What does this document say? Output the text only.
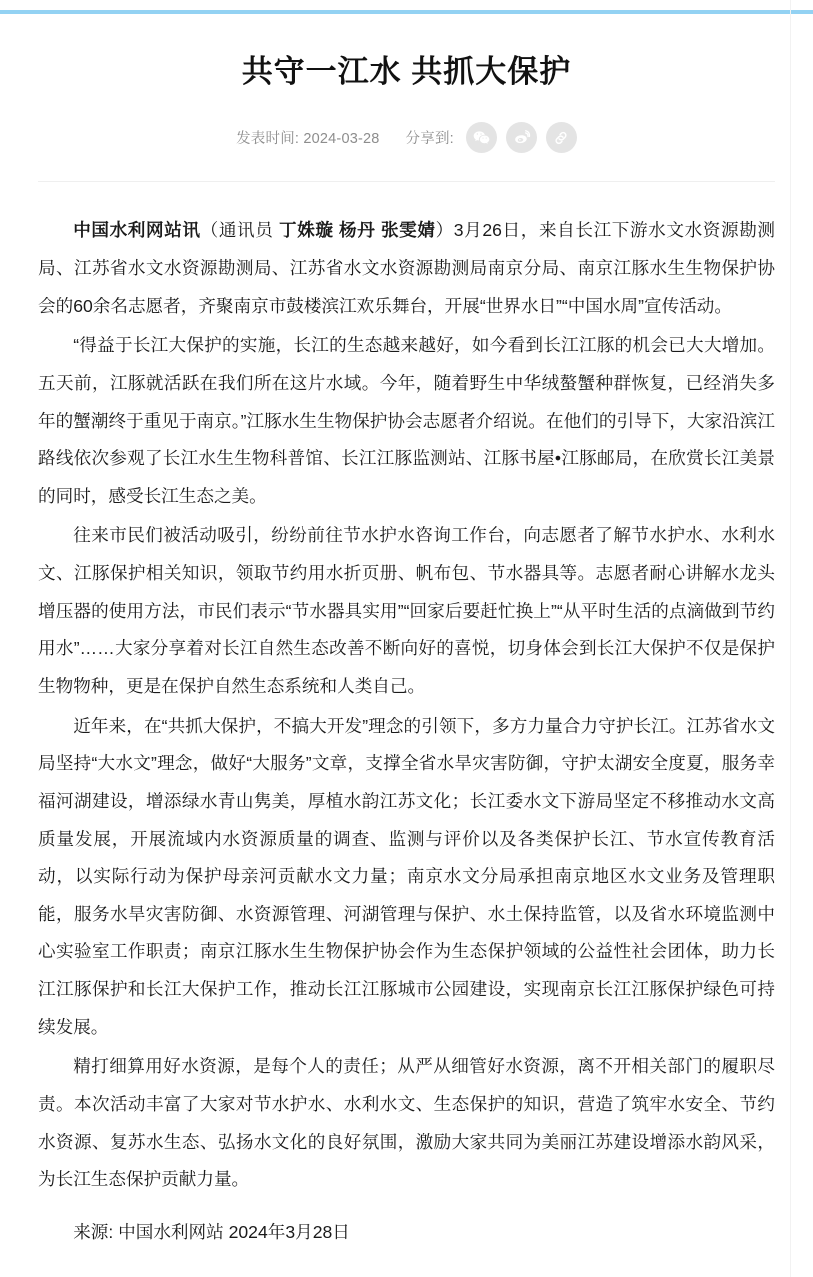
共守一江水 共抓大保护
发表时间: 2024-03-28 分享到:

中国水利网站讯（通讯员 丁姝璇 杨丹 张雯婧）3月26日，来自长江下游水文水资源勘测局、江苏省水文水资源勘测局、江苏省水文水资源勘测局南京分局、南京江豚水生生物保护协会的60余名志愿者，齐聚南京市鼓楼滨江欢乐舞台，开展“世界水日”“中国水周”宣传活动。

“得益于长江大保护的实施，长江的生态越来越好，如今看到长江江豚的机会已大大增加。五天前，江豚就活跃在我们所在这片水域。今年，随着野生中华绒螯蟹种群恢复，已经消失多年的蟹潮终于重见于南京。”江豚水生生物保护协会志愿者介绍说。在他们的引导下，大家沿滨江路线依次参观了长江水生生物科普馆、长江江豚监测站、江豚书屋•江豚邮局，在欣赏长江美景的同时，感受长江生态之美。

往来市民们被活动吸引，纷纷前往节水护水咨询工作台，向志愿者了解节水护水、水利水文、江豚保护相关知识，领取节约用水折页册、帆布包、节水器具等。志愿者耐心讲解水龙头增压器的使用方法，市民们表示“节水器具实用”“回家后要赶忙换上”“从平时生活的点滴做到节约用水”……大家分享着对长江自然生态改善不断向好的喜悦，切身体会到长江大保护不仅是保护生物物种，更是在保护自然生态系统和人类自己。

近年来，在“共抓大保护，不搞大开发”理念的引领下，多方力量合力守护长江。江苏省水文局坚持“大水文”理念，做好“大服务”文章，支撑全省水旱灾害防御，守护太湖安全度夏，服务幸福河湖建设，增添绿水青山隽美，厚植水韵江苏文化；长江委水文下游局坚定不移推动水文高质量发展，开展流域内水资源质量的调查、监测与评价以及各类保护长江、节水宣传教育活动，以实际行动为保护母亲河贡献水文力量；南京水文分局承担南京地区水文业务及管理职能，服务水旱灾害防御、水资源管理、河湖管理与保护、水土保持监管，以及省水环境监测中心实验室工作职责；南京江豚水生生物保护协会作为生态保护领域的公益性社会团体，助力长江江豚保护和长江大保护工作，推动长江江豚城市公园建设，实现南京长江江豚保护绿色可持续发展。

精打细算用好水资源，是每个人的责任；从严从细管好水资源，离不开相关部门的履职尽责。本次活动丰富了大家对节水护水、水利水文、生态保护的知识，营造了筑牢水安全、节约水资源、复苏水生态、弘扬水文化的良好氛围，激励大家共同为美丽江苏建设增添水韵风采，为长江生态保护贡献力量。

来源: 中国水利网站 2024年3月28日
